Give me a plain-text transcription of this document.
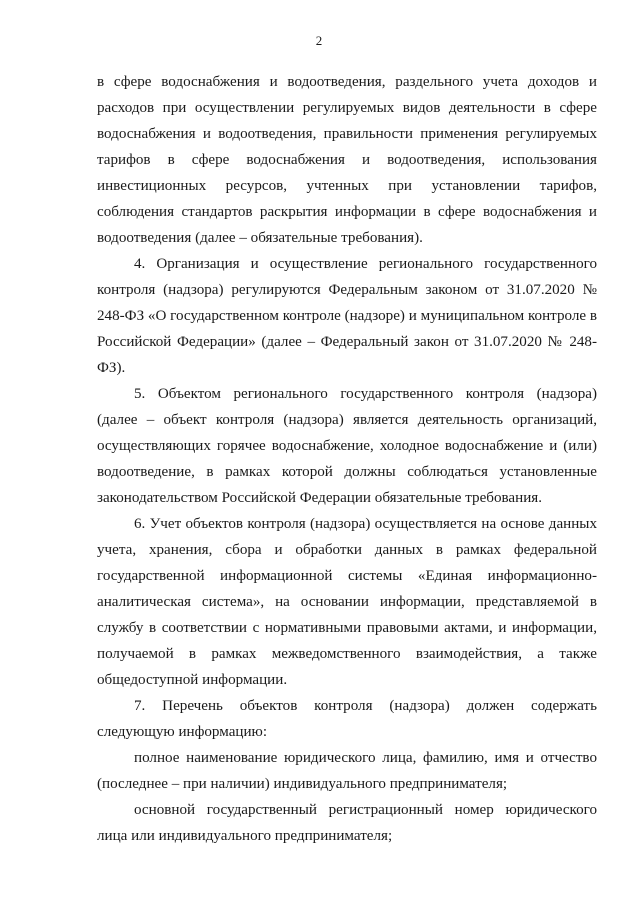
2

в сфере водоснабжения и водоотведения, раздельного учета доходов и расходов при осуществлении регулируемых видов деятельности в сфере водоснабжения и водоотведения, правильности применения регулируемых тарифов в сфере водоснабжения и водоотведения, использования инвестиционных ресурсов, учтенных при установлении тарифов, соблюдения стандартов раскрытия информации в сфере водоснабжения и водоотведения (далее – обязательные требования).

4. Организация и осуществление регионального государственного контроля (надзора) регулируются Федеральным законом от 31.07.2020 № 248-ФЗ «О государственном контроле (надзоре) и муниципальном контроле в Российской Федерации» (далее – Федеральный закон от 31.07.2020 № 248-ФЗ).

5. Объектом регионального государственного контроля (надзора) (далее – объект контроля (надзора) является деятельность организаций, осуществляющих горячее водоснабжение, холодное водоснабжение и (или) водоотведение, в рамках которой должны соблюдаться установленные законодательством Российской Федерации обязательные требования.

6. Учет объектов контроля (надзора) осуществляется на основе данных учета, хранения, сбора и обработки данных в рамках федеральной государственной информационной системы «Единая информационно-аналитическая система», на основании информации, представляемой в службу в соответствии с нормативными правовыми актами, и информации, получаемой в рамках межведомственного взаимодействия, а также общедоступной информации.

7. Перечень объектов контроля (надзора) должен содержать следующую информацию:

полное наименование юридического лица, фамилию, имя и отчество (последнее – при наличии) индивидуального предпринимателя;

основной государственный регистрационный номер юридического лица или индивидуального предпринимателя;
